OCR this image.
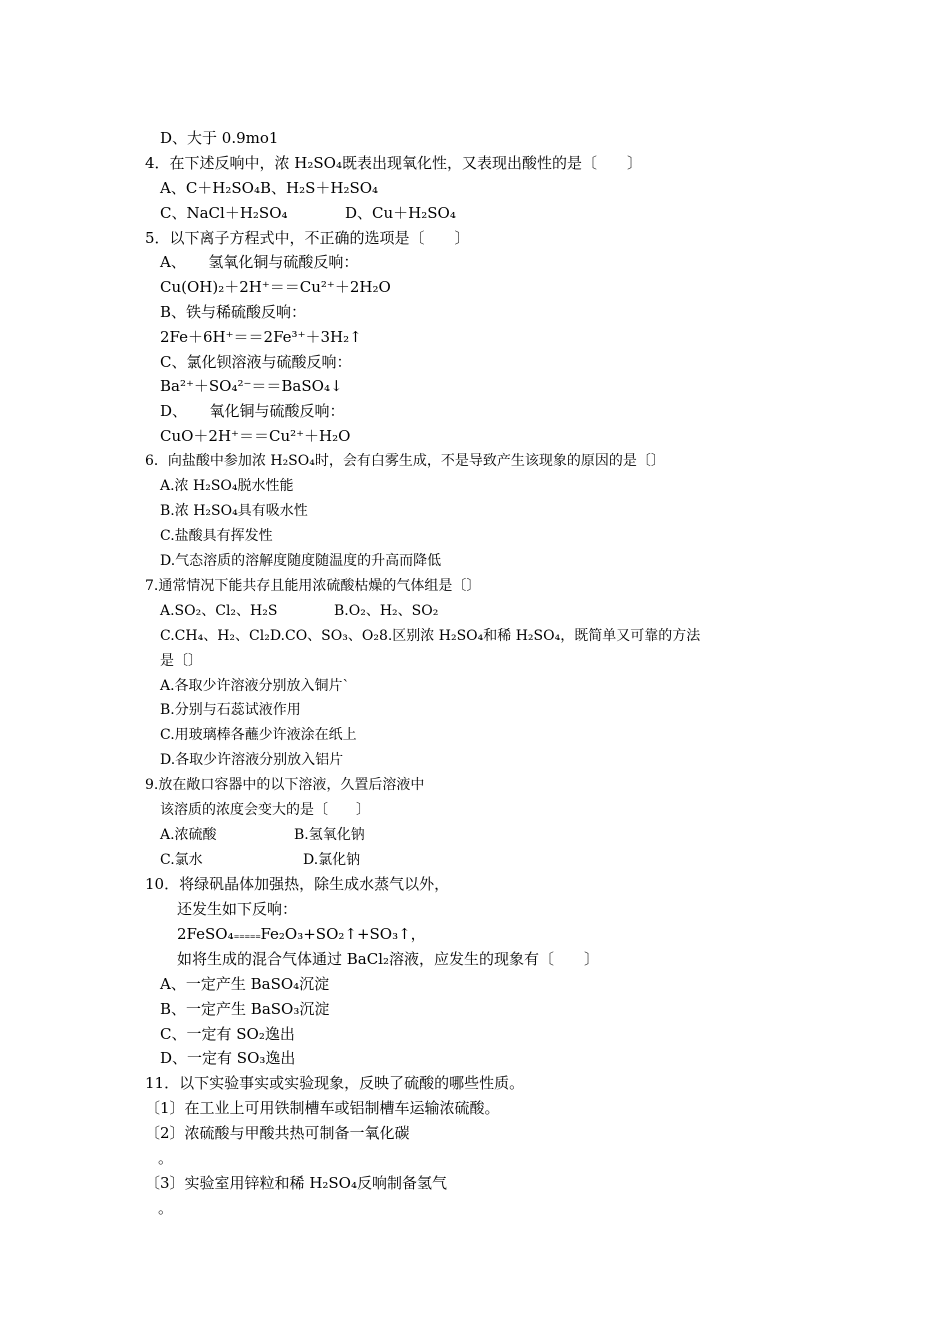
D、大于 0.9mo1
4．在下述反响中，浓 H₂SO₄既表出现氧化性，又表现出酸性的是〔　　〕
A、C＋H₂SO₄B、H₂S＋H₂SO₄
C、NaCl＋H₂SO₄	D、Cu＋H₂SO₄
5．以下离子方程式中，不正确的选项是〔　　〕
A、　　氢氧化铜与硫酸反响：
Cu(OH)₂＋2H⁺＝＝Cu²⁺＋2H₂O
B、铁与稀硫酸反响：
2Fe＋6H⁺＝＝2Fe³⁺＋3H₂↑
C、氯化钡溶液与硫酸反响：
Ba²⁺＋SO₄²⁻＝＝BaSO₄↓
D、　　氧化铜与硫酸反响：
CuO＋2H⁺＝＝Cu²⁺＋H₂O
6．向盐酸中参加浓 H₂SO₄时，会有白雾生成，不是导致产生该现象的原因的是〔〕
A.浓 H₂SO₄脱水性能
B.浓 H₂SO₄具有吸水性
C.盐酸具有挥发性
D.气态溶质的溶解度随度随温度的升高而降低
7.通常情况下能共存且能用浓硫酸枯燥的气体组是〔〕
A.SO₂、Cl₂、H₂S	B.O₂、H₂、SO₂
C.CH₄、H₂、Cl₂D.CO、SO₃、O₂8.区别浓 H₂SO₄和稀 H₂SO₄，既简单又可靠的方法
是〔〕
A.各取少许溶液分别放入铜片`
B.分别与石蕊试液作用
C.用玻璃棒各蘸少许液涂在纸上
D.各取少许溶液分别放入铝片
9.放在敞口容器中的以下溶液，久置后溶液中
该溶质的浓度会变大的是〔　　〕
A.浓硫酸	B.氢氧化钠
C.氯水	D.氯化钠
10．将绿矾晶体加强热，除生成水蒸气以外，
还发生如下反响：
2FeSO₄=====Fe₂O₃+SO₂↑+SO₃↑，
如将生成的混合气体通过 BaCl₂溶液，应发生的现象有〔　　〕
A、一定产生 BaSO₄沉淀
B、一定产生 BaSO₃沉淀
C、一定有 SO₂逸出
D、一定有 SO₃逸出
11．以下实验事实或实验现象，反映了硫酸的哪些性质。
〔1〕在工业上可用铁制槽车或铝制槽车运输浓硫酸。
〔2〕浓硫酸与甲酸共热可制备一氧化碳
。
〔3〕实验室用锌粒和稀 H₂SO₄反响制备氢气
。
